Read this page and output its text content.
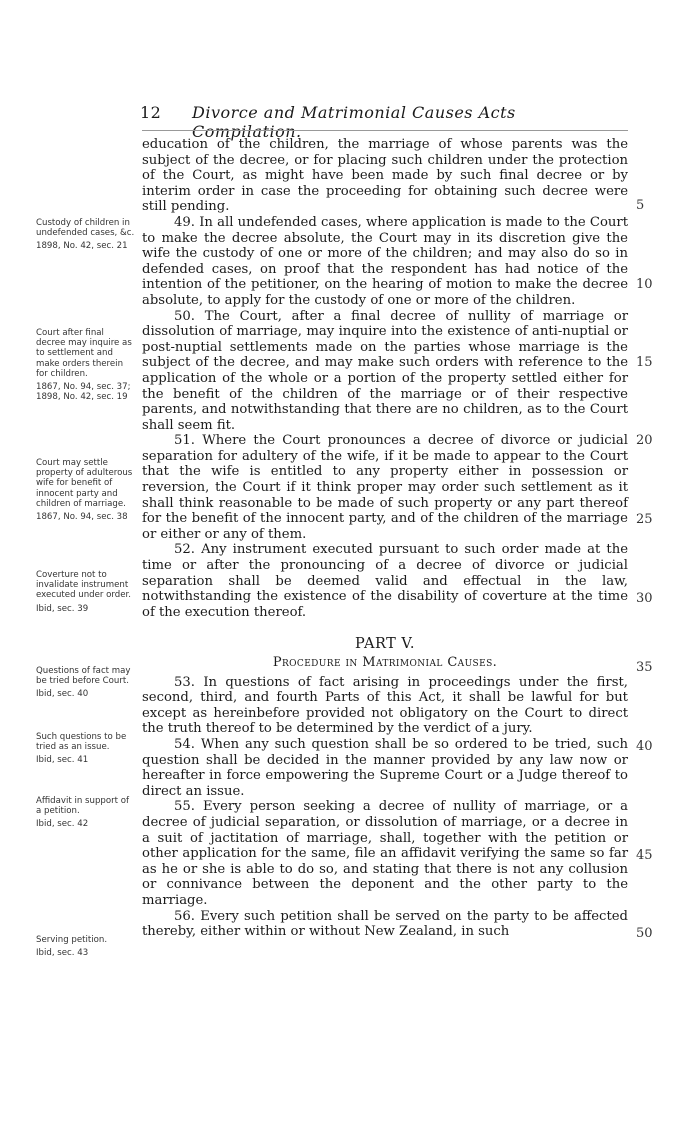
12 Divorce and Matrimonial Causes Acts Compilation.

education of the children, the marriage of whose parents was the subject of the decree, or for placing such children under the protection of the Court, as might have been made by such final decree or by interim order in case the proceeding for obtaining such decree were still pending.

49. In all undefended cases, where application is made to the Court to make the decree absolute, the Court may in its discretion give the wife the custody of one or more of the children; and may also do so in defended cases, on proof that the respondent has had notice of the intention of the petitioner, on the hearing of motion to make the decree absolute, to apply for the custody of one or more of the children.

50. The Court, after a final decree of nullity of marriage or dissolution of marriage, may inquire into the existence of anti-nuptial or post-nuptial settlements made on the parties whose marriage is the subject of the decree, and may make such orders with reference to the application of the whole or a portion of the property settled either for the benefit of the children of the marriage or of their respective parents, and notwithstanding that there are no children, as to the Court shall seem fit.

51. Where the Court pronounces a decree of divorce or judicial separation for adultery of the wife, if it be made to appear to the Court that the wife is entitled to any property either in possession or reversion, the Court if it think proper may order such settlement as it shall think reasonable to be made of such property or any part thereof for the benefit of the innocent party, and of the children of the marriage or either or any of them.

52. Any instrument executed pursuant to such order made at the time or after the pronouncing of a decree of divorce or judicial separation shall be deemed valid and effectual in the law, notwithstanding the existence of the disability of coverture at the time of the execution thereof.

PART V.
Procedure in Matrimonial Causes.

53. In questions of fact arising in proceedings under the first, second, third, and fourth Parts of this Act, it shall be lawful for but except as hereinbefore provided not obligatory on the Court to direct the truth thereof to be determined by the verdict of a jury.

54. When any such question shall be so ordered to be tried, such question shall be decided in the manner provided by any law now or hereafter in force empowering the Supreme Court or a Judge thereof to direct an issue.

55. Every person seeking a decree of nullity of marriage, or a decree of judicial separation, or dissolution of marriage, or a decree in a suit of jactitation of marriage, shall, together with the petition or other application for the same, file an affidavit verifying the same so far as he or she is able to do so, and stating that there is not any collusion or connivance between the deponent and the other party to the marriage.

56. Every such petition shall be served on the party to be affected thereby, either within or without New Zealand, in such

Custody of children in undefended cases, &c.
1898, No. 42, sec. 21
Court after final decree may inquire as to settlement and make orders therein for children.
1867, No. 94, sec. 37; 1898, No. 42, sec. 19
Court may settle property of adulterous wife for benefit of innocent party and children of marriage.
1867, No. 94, sec. 38
Coverture not to invalidate instrument executed under order.
Ibid, sec. 39
Questions of fact may be tried before Court.
Ibid, sec. 40
Such questions to be tried as an issue.
Ibid, sec. 41
Affidavit in support of a petition.
Ibid, sec. 42
Serving petition.
Ibid, sec. 43
5
10
15
20
25
30
35
40
45
50
